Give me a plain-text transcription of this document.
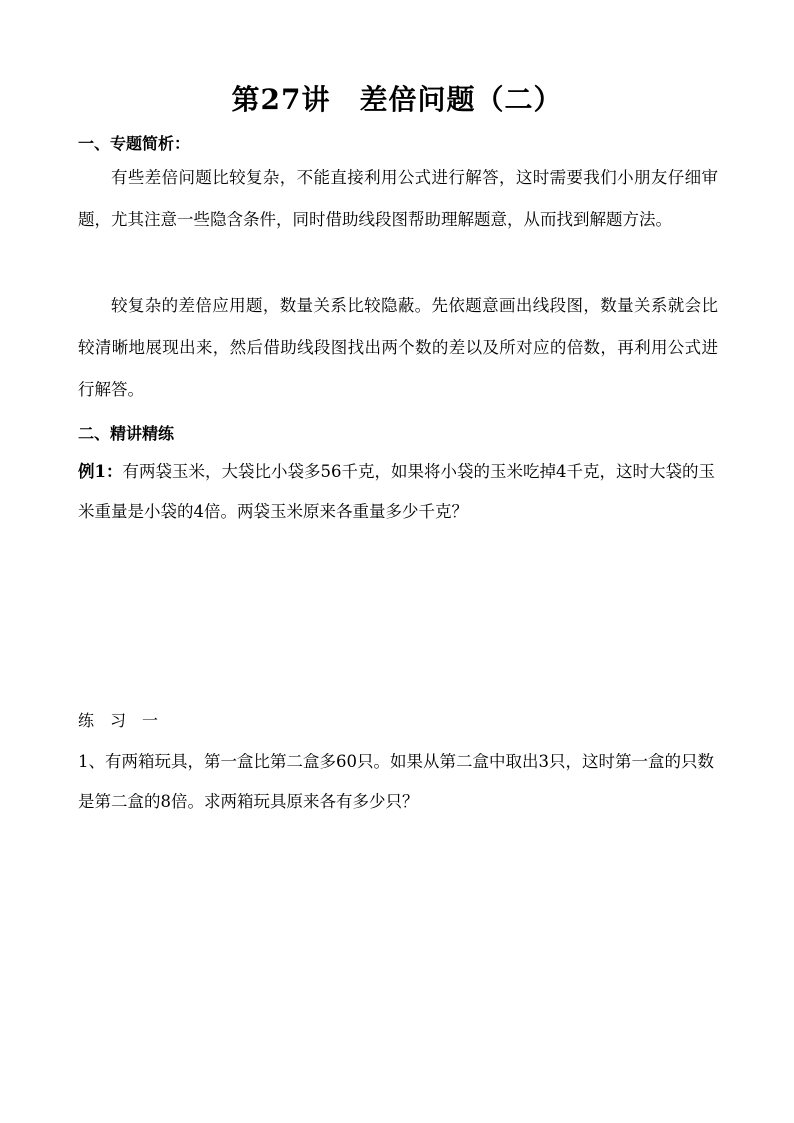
第27讲　差倍问题（二）
一、专题简析：

有些差倍问题比较复杂，不能直接利用公式进行解答，这时需要我们小朋友仔细审题，尤其注意一些隐含条件，同时借助线段图帮助理解题意，从而找到解题方法。

较复杂的差倍应用题，数量关系比较隐蔽。先依题意画出线段图，数量关系就会比较清晰地展现出来，然后借助线段图找出两个数的差以及所对应的倍数，再利用公式进行解答。

二、精讲精练

例1：有两袋玉米，大袋比小袋多56千克，如果将小袋的玉米吃掉4千克，这时大袋的玉米重量是小袋的4倍。两袋玉米原来各重量多少千克？

练习一

1、有两箱玩具，第一盒比第二盒多60只。如果从第二盒中取出3只，这时第一盒的只数是第二盒的8倍。求两箱玩具原来各有多少只？
